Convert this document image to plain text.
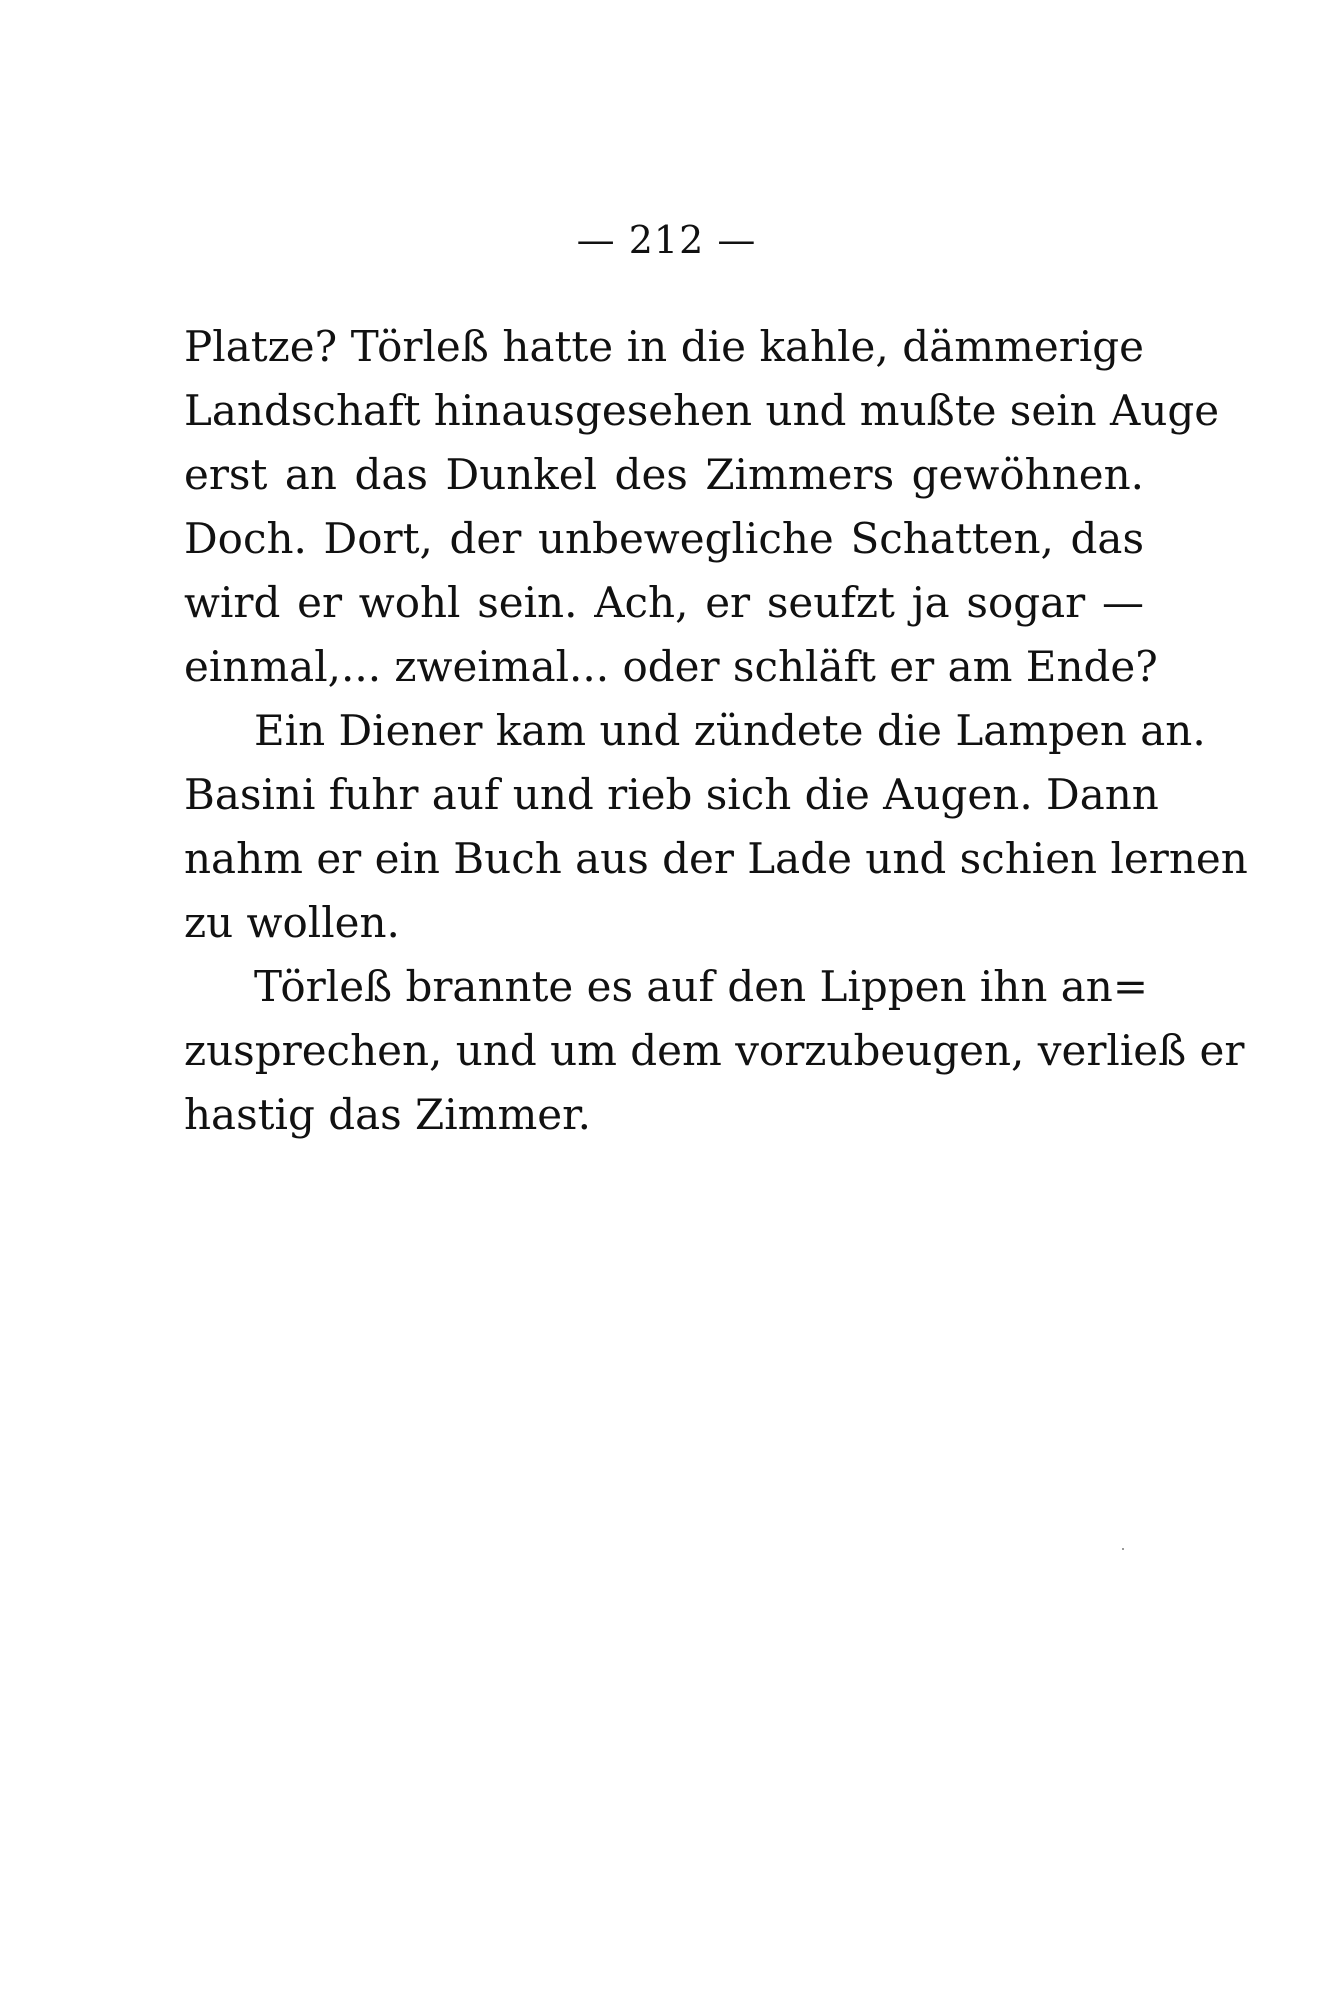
— 212 —
Platze? Törleß hatte in die kahle, dämmerige
Landschaft hinausgesehen und mußte sein Auge
erst an das Dunkel des Zimmers gewöhnen.
Doch. Dort, der unbewegliche Schatten, das
wird er wohl sein. Ach, er seufzt ja sogar —
einmal,... zweimal... oder schläft er am Ende?
Ein Diener kam und zündete die Lampen an.
Basini fuhr auf und rieb sich die Augen. Dann
nahm er ein Buch aus der Lade und schien lernen
zu wollen.
Törleß brannte es auf den Lippen ihn an=
zusprechen, und um dem vorzubeugen, verließ er
hastig das Zimmer.
